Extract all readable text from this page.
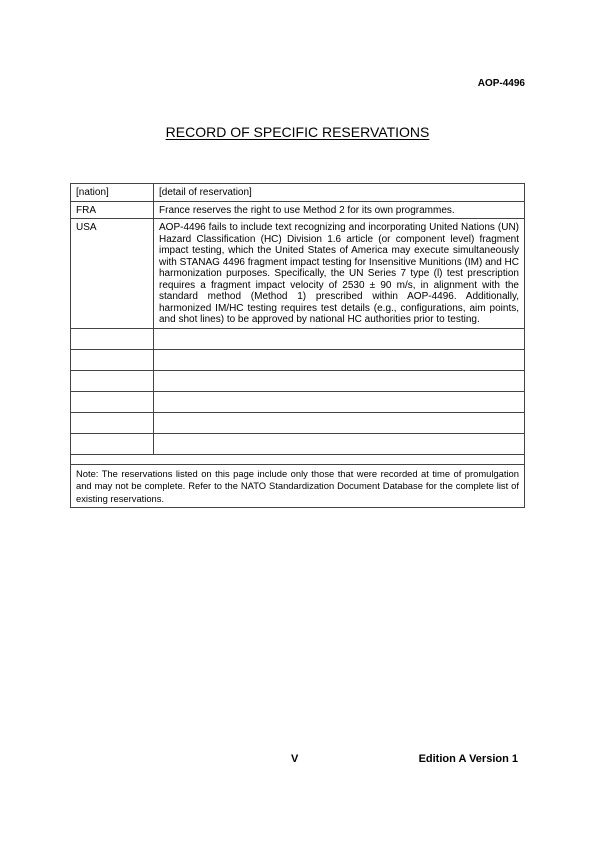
AOP-4496
RECORD OF SPECIFIC RESERVATIONS
[nation]	[detail of reservation]
FRA	France reserves the right to use Method 2 for its own programmes.
USA	AOP-4496 fails to include text recognizing and incorporating United Nations (UN) Hazard Classification (HC) Division 1.6 article (or component level) fragment impact testing, which the United States of America may execute simultaneously with STANAG 4496 fragment impact testing for Insensitive Munitions (IM) and HC harmonization purposes. Specifically, the UN Series 7 type (l) test prescription requires a fragment impact velocity of 2530 ± 90 m/s, in alignment with the standard method (Method 1) prescribed within AOP-4496. Additionally, harmonized IM/HC testing requires test details (e.g., configurations, aim points, and shot lines) to be approved by national HC authorities prior to testing.

Note: The reservations listed on this page include only those that were recorded at time of promulgation and may not be complete. Refer to the NATO Standardization Document Database for the complete list of existing reservations.	
V	Edition A Version 1
